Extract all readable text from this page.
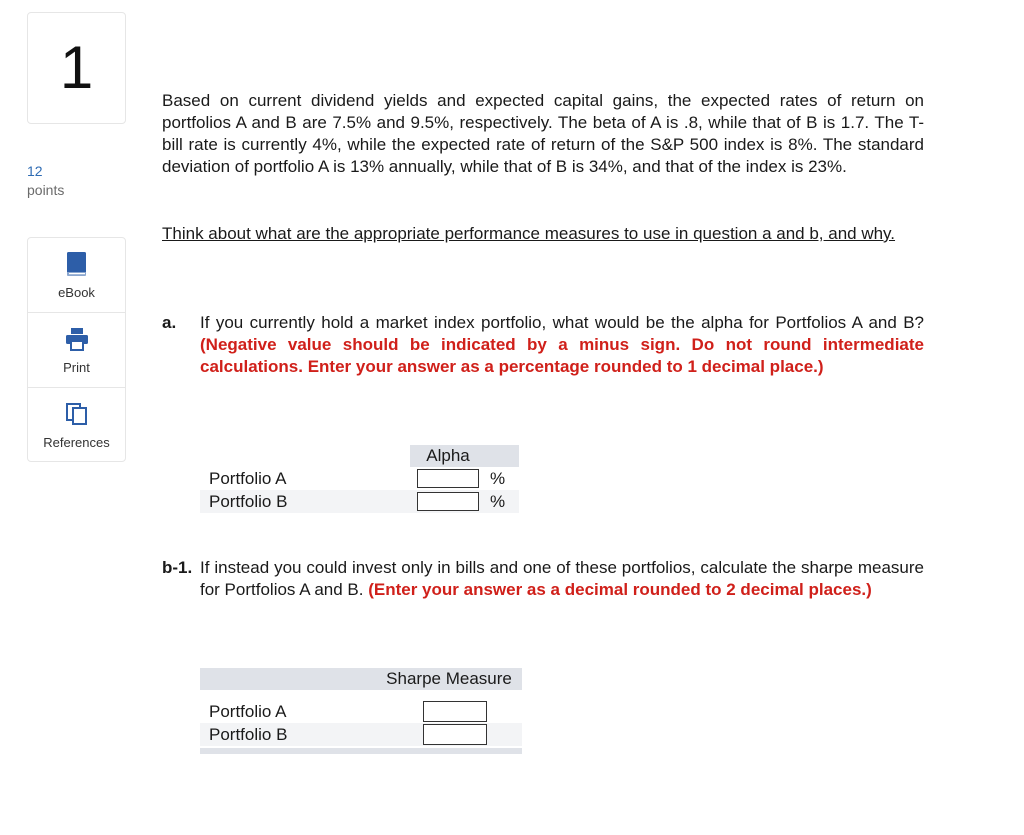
1
12
points
eBook
Print
References
Based on current dividend yields and expected capital gains, the expected rates of return on portfolios A and B are 7.5% and 9.5%, respectively. The beta of A is .8, while that of B is 1.7. The T-bill rate is currently 4%, while the expected rate of return of the S&P 500 index is 8%. The standard deviation of portfolio A is 13% annually, while that of B is 34%, and that of the index is 23%.
Think about what are the appropriate performance measures to use in question a and b, and why.
a. If you currently hold a market index portfolio, what would be the alpha for Portfolios A and B? (Negative value should be indicated by a minus sign. Do not round intermediate calculations. Enter your answer as a percentage rounded to 1 decimal place.)
b-1. If instead you could invest only in bills and one of these portfolios, calculate the sharpe measure for Portfolios A and B. (Enter your answer as a decimal rounded to 2 decimal places.)
	Alpha	
Portfolio A		%
Portfolio B		%
	Sharpe Measure

Portfolio A	

Portfolio B	
